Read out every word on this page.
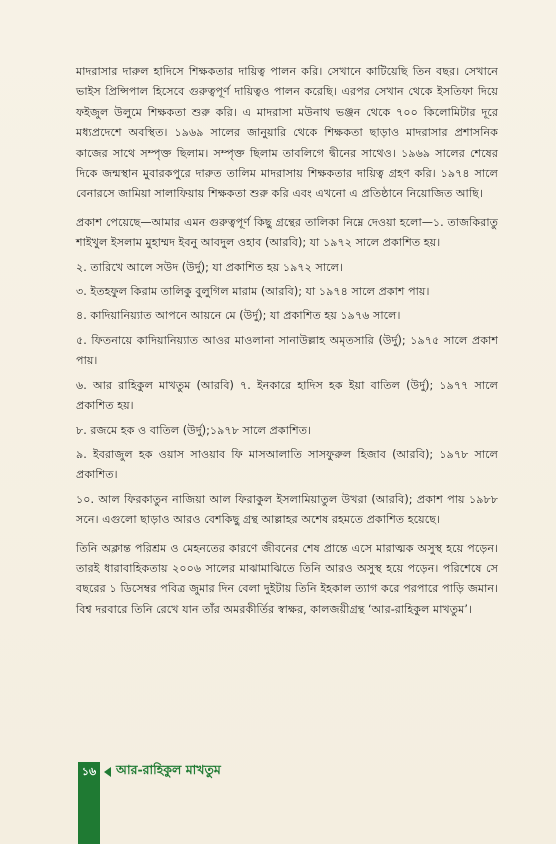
মাদরাসার দারুল হাদিসে শিক্ষকতার দায়িত্ব পালন করি। সেখানে কাটিয়েছি তিন বছর। সেখানে ভাইস প্রিন্সিপাল হিসেবে গুরুত্বপূর্ণ দায়িত্বও পালন করেছি। এরপর সেখান থেকে ইসতিফা দিয়ে ফইজুল উলুমে শিক্ষকতা শুরু করি। এ মাদরাসা মউনাথ ভঞ্জন থেকে ৭০০ কিলোমিটার দূরে মধ্যপ্রদেশে অবস্থিত। ১৯৬৯ সালের জানুয়ারি থেকে শিক্ষকতা ছাড়াও মাদরাসার প্রশাসনিক কাজের সাথে সম্পৃক্ত ছিলাম। সম্পৃক্ত ছিলাম তাবলিগে দ্বীনের সাথেও। ১৯৬৯ সালের শেষের দিকে জন্মস্থান মুবারকপুরে দারুত তালিম মাদরাসায় শিক্ষকতার দায়িত্ব গ্রহণ করি। ১৯৭৪ সালে বেনারসে জামিয়া সালাফিয়ায় শিক্ষকতা শুরু করি এবং এখনো এ প্রতিষ্ঠানে নিয়োজিত আছি।

প্রকাশ পেয়েছে—আমার এমন গুরুত্বপূর্ণ কিছু গ্রন্থের তালিকা নিম্নে দেওয়া হলো—১. তাজকিরাতু শাইখুল ইসলাম মুহাম্মদ ইবনু আবদুল ওহাব (আরবি); যা ১৯৭২ সালে প্রকাশিত হয়।

২. তারিখে আলে সউদ (উর্দু); যা প্রকাশিত হয় ১৯৭২ সালে।

৩. ইতহফুল কিরাম তালিকু বুলুগিল মারাম (আরবি); যা ১৯৭৪ সালে প্রকাশ পায়।

৪. কাদিয়ানিয়্যাত আপনে আয়নে মে (উর্দু); যা প্রকাশিত হয় ১৯৭৬ সালে।

৫. ফিতনায়ে কাদিয়ানিয়্যাত আওর মাওলানা সানাউল্লাহ অমৃতসারি (উর্দু); ১৯৭৫ সালে প্রকাশ পায়।

৬. আর রাহিকুল মাখতুম (আরবি) ৭. ইনকারে হাদিস হক ইয়া বাতিল (উর্দু); ১৯৭৭ সালে প্রকাশিত হয়।

৮. রজমে হক ও বাতিল (উর্দু);১৯৭৮ সালে প্রকাশিত।

৯. ইবরাজুল হক ওয়াস সাওয়াব ফি মাসআলাতি সাসফুরুল হিজাব (আরবি); ১৯৭৮ সালে প্রকাশিত।

১০. আল ফিরকাতুন নাজিয়া আল ফিরাকুল ইসলামিয়াতুল উখরা (আরবি); প্রকাশ পায় ১৯৮৮ সনে। এগুলো ছাড়াও আরও বেশকিছু গ্রন্থ আল্লাহর অশেষ রহমতে প্রকাশিত হয়েছে।

তিনি অক্লান্ত পরিশ্রম ও মেহনতের কারণে জীবনের শেষ প্রান্তে এসে মারাত্মক অসুস্থ হয়ে পড়েন। তারই ধারাবাহিকতায় ২০০৬ সালের মাঝামাঝিতে তিনি আরও অসুস্থ হয়ে পড়েন। পরিশেষে সে বছরের ১ ডিসেম্বর পবিত্র জুমার দিন বেলা দুইটায় তিনি ইহকাল ত্যাগ করে পরপারে পাড়ি জমান। বিশ্ব দরবারে তিনি রেখে যান তাঁর অমরকীর্তির স্বাক্ষর, কালজয়ীগ্রন্থ ‘আর-রাহিকুল মাখতুম’।

১৬	আর-রাহিকুল মাখতুম
